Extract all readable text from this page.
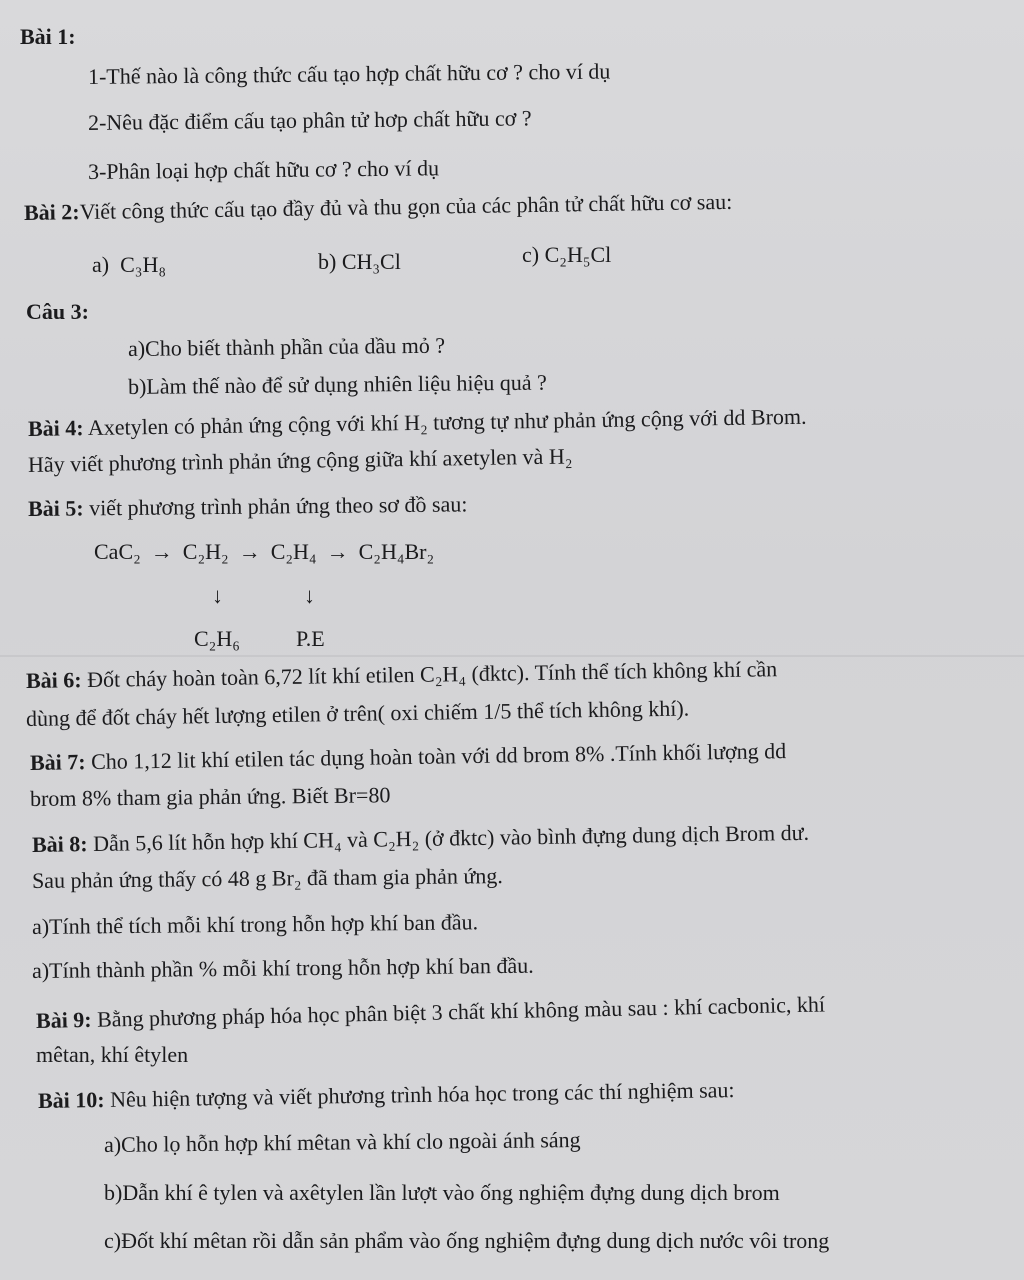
Bài 1:
1-Thế nào là công thức cấu tạo hợp chất hữu cơ ? cho ví dụ
2-Nêu đặc điểm cấu tạo phân tử hơp chất hữu cơ ?
3-Phân loại hợp chất hữu cơ ? cho ví dụ
Bài 2:Viết công thức cấu tạo đầy đủ và thu gọn của các phân tử chất hữu cơ sau:
a) C₃H₈	b) CH₃Cl	c) C₂H₅Cl
Câu 3:
a)Cho biết thành phần của dầu mỏ ?
b)Làm thế nào để sử dụng nhiên liệu hiệu quả ?
Bài 4: Axetylen có phản ứng cộng với khí H₂ tương tự như phản ứng cộng với dd Brom.
Hãy viết phương trình phản ứng cộng giữa khí axetylen và H₂
Bài 5: viết phương trình phản ứng theo sơ đồ sau:
CaC₂ → C₂H₂ → C₂H₄ → C₂H₄Br₂
↓	↓
C₂H₆	P.E
Bài 6: Đốt cháy hoàn toàn 6,72 lít khí etilen C₂H₄ (đktc). Tính thể tích không khí cần
dùng để đốt cháy hết lượng etilen ở trên( oxi chiếm 1/5 thể tích không khí).
Bài 7: Cho 1,12 lit khí etilen tác dụng hoàn toàn với dd brom 8% .Tính khối lượng dd
brom 8% tham gia phản ứng. Biết Br=80
Bài 8: Dẫn 5,6 lít hỗn hợp khí CH₄ và C₂H₂ (ở đktc) vào bình đựng dung dịch Brom dư.
Sau phản ứng thấy có 48 g Br₂ đã tham gia phản ứng.
a)Tính thể tích mỗi khí trong hỗn hợp khí ban đầu.
a)Tính thành phần % mỗi khí trong hỗn hợp khí ban đầu.
Bài 9: Bằng phương pháp hóa học phân biệt 3 chất khí không màu sau : khí cacbonic, khí
mêtan, khí êtylen
Bài 10: Nêu hiện tượng và viết phương trình hóa học trong các thí nghiệm sau:
a)Cho lọ hỗn hợp khí mêtan và khí clo ngoài ánh sáng
b)Dẫn khí ê tylen và axêtylen lần lượt vào ống nghiệm đựng dung dịch brom
c)Đốt khí mêtan rồi dẫn sản phẩm vào ống nghiệm đựng dung dịch nước vôi trong
